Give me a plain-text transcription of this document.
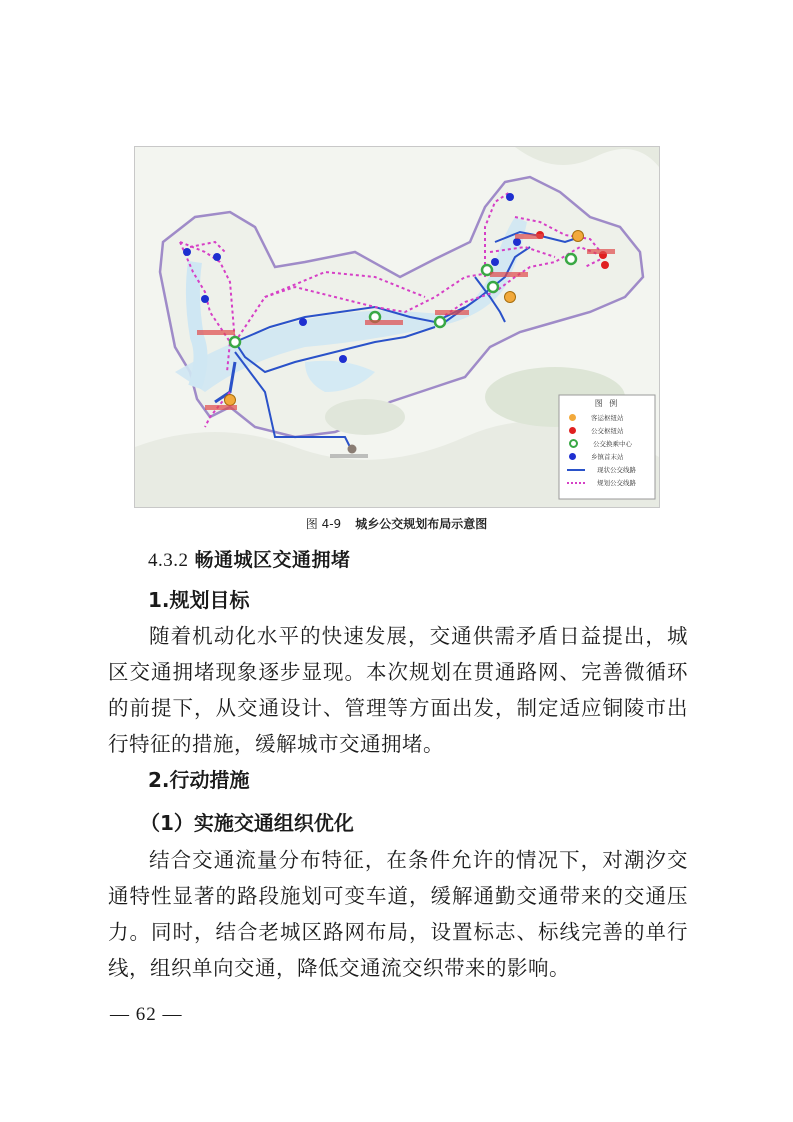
图 例
客运枢纽站
公交枢纽站
公交换乘中心
乡镇首末站
现状公交线路
规划公交线路
图 4-9 城乡公交规划布局示意图
4.3.2 畅通城区交通拥堵
1.规划目标

随着机动化水平的快速发展，交通供需矛盾日益提出，城区交通拥堵现象逐步显现。本次规划在贯通路网、完善微循环的前提下，从交通设计、管理等方面出发，制定适应铜陵市出行特征的措施，缓解城市交通拥堵。

2.行动措施
（1）实施交通组织优化

结合交通流量分布特征，在条件允许的情况下，对潮汐交通特性显著的路段施划可变车道，缓解通勤交通带来的交通压力。同时，结合老城区路网布局，设置标志、标线完善的单行线，组织单向交通，降低交通流交织带来的影响。

— 62 —
